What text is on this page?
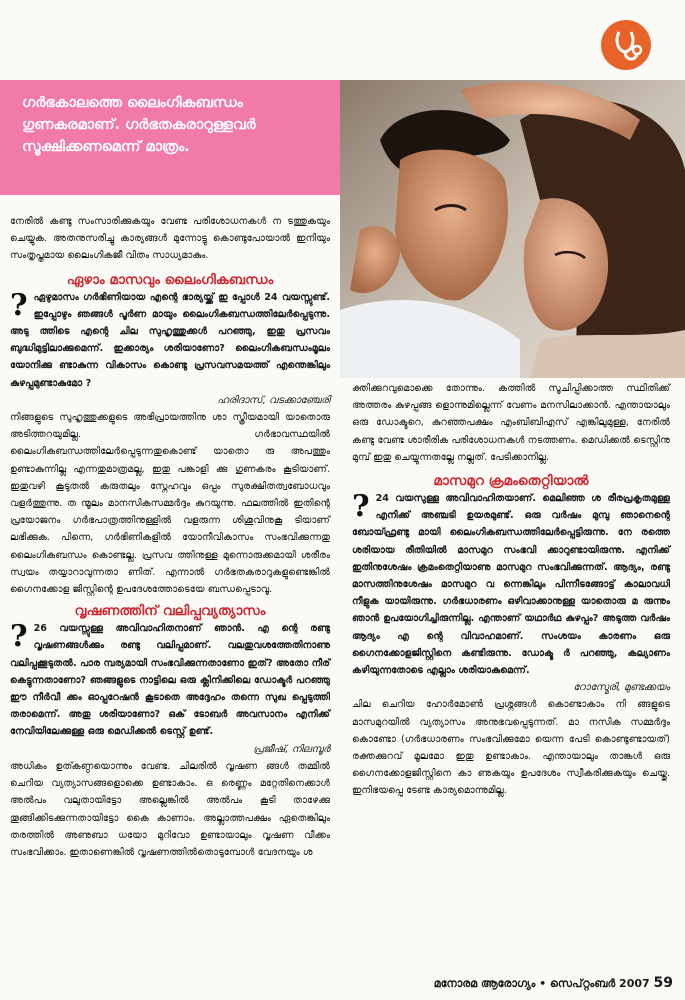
ഗർഭകാലത്തെ ലൈംഗികബന്ധം ഗുണകരമാണ്. ഗർഭതകരാറുള്ളവർ സൂക്ഷിക്കണമെന്ന് മാത്രം.

നേരിൽ കണ്ടു സംസാരിക്കുകയും വേണ്ട പരിശോധനകൾ ന ടത്തുകയും ചെയ്യുക. അതനുസരിച്ചു കാര്യങ്ങൾ മുന്നോട്ടു കൊണ്ടുപോയാൽ ഇനിയും സംതൃപ്തമായ ലൈംഗികജീ വിതം സാധ്യമാകും.

ഏഴാം മാസവും ലൈംഗികബന്ധം

? ഏഴുമാസം ഗർഭിണിയായ എന്റെ ഭാര്യയ്ക്ക് ഇ പ്പോൾ 24 വയസ്സുണ്ട്. ഇപ്പോഴും ഞങ്ങൾ പൂർണ മായും ലൈംഗികബന്ധത്തിലേർപ്പെടുന്നു. അടു ത്തിടെ എന്റെ ചില സുഹൃത്തുക്കൾ പറഞ്ഞു, ഇതു പ്രസവം ബുദ്ധിമുട്ടിലാക്കുമെന്ന്. ഇക്കാര്യം ശരിയാണോ? ലൈംഗികബന്ധംമൂലം യോനിക്കു ണ്ടാകുന്ന വികാസം കൊണ്ടു പ്രസവസമയത്ത് എന്തെങ്കിലും കുഴപ്പമുണ്ടാകുമോ ?

ഹരിദാസ്, വടക്കാഞ്ചേരി

നിങ്ങളുടെ സുഹൃത്തുക്കളുടെ അഭിപ്രായത്തിനു ശാ സ്ത്രീയമായി യാതൊരു അടിത്തറയുമില്ല. ഗർഭാവസ്ഥയിൽ ലൈംഗികബന്ധത്തിലേർപ്പെടുന്നതുകൊണ്ട് യാതൊ രു അപത്തും ഉണ്ടാകുന്നില്ല എന്നതുമാത്രമല്ല, ഇതു പങ്കാളി ക്കു ഗുണകരം കൂടിയാണ്. ഇതുവഴി കൂടുതൽ കരുതലും സ്നേഹവും ഒപ്പം സുരക്ഷിതത്വബോധവും വളർത്തുന്നു. ത ന്മൂലം മാനസികസമ്മർദ്ദം കുറയുന്നു. ഫലത്തിൽ ഇതിന്റെ പ്രയോജനം ഗർഭപാത്രത്തിനുള്ളിൽ വളരുന്ന ശിശുവിനുകൂ ടിയാണ് ലഭിക്കുക. പിന്നെ, ഗർഭിണികളിൽ യോനീവികാസം സംഭവിക്കുന്നതു ലൈംഗികബന്ധം കൊണ്ടല്ല. പ്രസവ ത്തിനുള്ള മുന്നൊരുക്കമായി ശരീരം സ്വയം തയ്യാറാവുന്നതാ ണിത്. എന്നാൽ ഗർഭതകരാറുകളുണ്ടെങ്കിൽ ഗൈനക്കോള ജിസ്റ്റിന്റെ ഉപദേശത്തോടെയേ ബന്ധപ്പെടാവൂ.

വൃഷണത്തിന് വലിപ്പവ്യത്യാസം

? 26 വയസ്സുള്ള അവിവാഹിതനാണ് ഞാൻ. എ ന്റെ രണ്ടു വൃഷണങ്ങൾക്കും രണ്ടു വലിപ്പമാണ്. വലതുവശത്തേതിനാണു വലിപ്പക്കൂടുതൽ. പാര മ്പര്യമായി സംഭവിക്കുന്നതാണോ ഇത്? അതോ നീര് കെട്ടുന്നതാണോ? ഞങ്ങളുടെ നാട്ടിലെ ഒരു ക്ലിനിക്കിലെ ഡോക്ടർ പറഞ്ഞു ഈ നീർവീ ക്കം ഓപ്പറേഷൻ കൂടാതെ അദ്ദേഹം തന്നെ സുഖ പ്പെടുത്തി തരാമെന്ന്. അതു ശരിയാണോ? ഒക് ടോബർ അവസാനം എനിക്ക് നേവിയിലേക്കുള്ള ഒരു മെഡിക്കൽ ടെസ്റ്റ് ഉണ്ട്.

പ്രജീഷ്, നിലമ്പൂർ

അധികം ഉത്കണ്ഠയൊന്നും വേണ്ട. ചിലരിൽ വൃഷണ ങ്ങൾ തമ്മിൽ ചെറിയ വ്യത്യാസങ്ങളൊക്കെ ഉണ്ടാകാം. ഒ രെണ്ണം മറ്റേതിനെക്കാൾ അൽപം വലുതായിട്ടോ അല്ലെങ്കിൽ അൽപം കൂടി താഴേക്കു തൂങ്ങിക്കിടക്കുന്നതായിട്ടോ കൈ കാണാം. അല്ലാത്തപക്ഷം ഏതെങ്കിലും തരത്തിൽ അണുബാ ധയോ മുറിവോ ഉണ്ടായാലും വൃഷണ വീക്കം സംഭവിക്കാം. ഇതാണെങ്കിൽ വൃഷണത്തിൽതൊടുമ്പോൾ വേദനയും ശ

ക്തിക്കുറവുമൊക്കെ തോന്നും. കത്തിൽ സൂചിപ്പിക്കാത്ത സ്ഥിതിക്ക് അത്തരം കുഴപ്പങ്ങ ളൊന്നുമില്ലെന്ന് വേണം മനസിലാക്കാൻ. എന്തായാലും ഒരു ഡോക്ടറെ, കുറഞ്ഞപക്ഷം എംബിബിഎസ് എങ്കിലുമുള്ള, നേരിൽ കണ്ടു വേണ്ട ശാരീരിക പരിശോധനകൾ നടത്തണം. മെഡിക്കൽ ടെസ്റ്റിനു മുമ്പ് ഇതു ചെയ്യുന്നതല്ലേ നല്ലത്. പേടിക്കാനില്ല.

മാസമുറ ക്രമംതെറ്റിയാൽ

? 24 വയസുള്ള അവിവാഹിതയാണ്. മെലിഞ്ഞ ശ രീരപ്രകൃതമുള്ള എനിക്ക് അഞ്ചടി ഉയരമുണ്ട്. ഒരു വർഷം മുമ്പു ഞാനെന്റെ ബോയ്ഫ്രണ്ടു മായി ലൈംഗികബന്ധത്തിലേർപ്പെട്ടിരുന്നു. നേ രത്തെ ശരിയായ രീതിയിൽ മാസമുറ സംഭവി ക്കാറുണ്ടായിരുന്നു. എനിക്ക് ഇതിനുശേഷം ക്രമംതെറ്റിയാണു മാസമുറ സംഭവിക്കുന്നത്. ആദ്യം, രണ്ടു മാസത്തിനുശേഷം മാസമുറ വ ന്നെങ്കിലും പിന്നീടങ്ങോട്ട് കാലാവധി നീളുക യായിരുന്നു. ഗർഭധാരണം ഒഴിവാക്കാനുള്ള യാതൊരു മ രുന്നും ഞാൻ ഉപയോഗിച്ചിരുന്നില്ല. എന്താണ് യഥാർഥ കുഴപ്പം? അടുത്ത വർഷം ആദ്യം എ ന്റെ വിവാഹമാണ്. സംശയം കാരണം ഒരു ഗൈനക്കോളജിസ്റ്റിനെ കണ്ടിരുന്നു. ഡോക്ട ർ പറഞ്ഞു, കല്യാണം കഴിയുന്നതോടെ എല്ലാം ശരിയാകുമെന്ന്.

റോസ്മേരി, മുണ്ടക്കയം

ചില ചെറിയ ഹോർമോൺ പ്രശ്നങ്ങൾ കൊണ്ടാകാം നി ങ്ങളുടെ മാസമുറയിൽ വ്യത്യാസം അനുഭവപ്പെടുന്നത്. മാ നസിക സമ്മർദ്ദം കൊണ്ടോ (ഗർഭധാരണം സംഭവിക്കുമോ യെന്ന പേടി കൊണ്ടുണ്ടായത്) രക്തക്കുറവ് മൂലമോ ഇതു ഉണ്ടാകാം. എന്തായാലും താങ്കൾ ഒരു ഗൈനക്കോളജിസ്റ്റിനെ കാ ണുകയും ഉപദേശം സ്വീകരിക്കുകയും ചെയ്തു. ഇനിഭയപ്പെ ടേണ്ട കാര്യമൊന്നുമില്ല.

മനോരമ ആരോഗ്യം • സെപ്റ്റംബർ 2007 59
